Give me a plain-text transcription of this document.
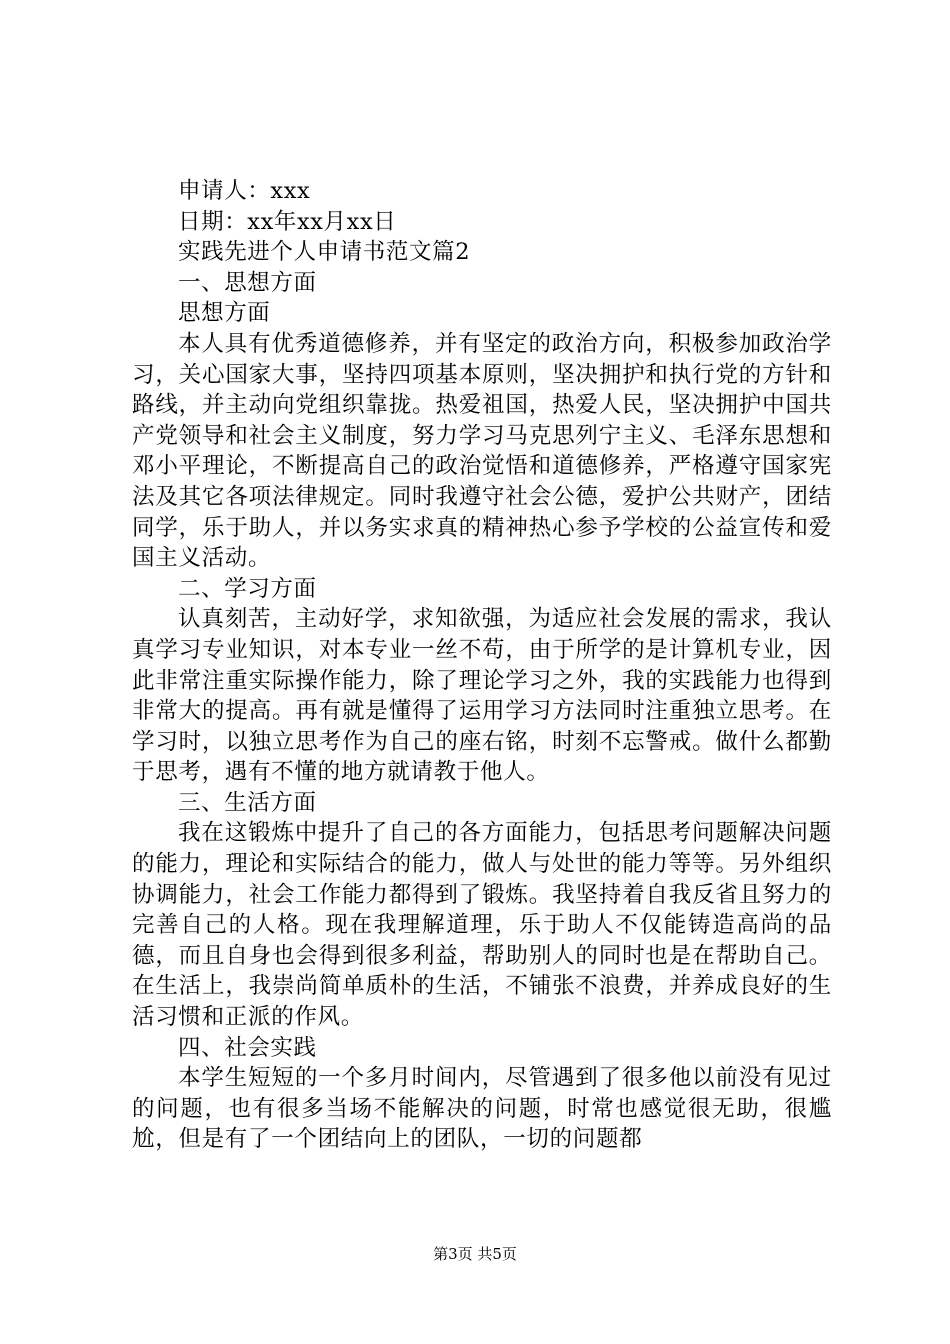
申请人：xxx
日期：xx年xx月xx日
实践先进个人申请书范文篇2
一、思想方面
思想方面
本人具有优秀道德修养，并有坚定的政治方向，积极参加政治学习，关心国家大事，坚持四项基本原则，坚决拥护和执行党的方针和路线，并主动向党组织靠拢。热爱祖国，热爱人民，坚决拥护中国共产党领导和社会主义制度，努力学习马克思列宁主义、毛泽东思想和邓小平理论，不断提高自己的政治觉悟和道德修养，严格遵守国家宪法及其它各项法律规定。同时我遵守社会公德，爱护公共财产，团结同学，乐于助人，并以务实求真的精神热心参予学校的公益宣传和爱国主义活动。
二、学习方面
认真刻苦，主动好学，求知欲强，为适应社会发展的需求，我认真学习专业知识，对本专业一丝不苟，由于所学的是计算机专业，因此非常注重实际操作能力，除了理论学习之外，我的实践能力也得到非常大的提高。再有就是懂得了运用学习方法同时注重独立思考。在学习时，以独立思考作为自己的座右铭，时刻不忘警戒。做什么都勤于思考，遇有不懂的地方就请教于他人。
三、生活方面
我在这锻炼中提升了自己的各方面能力，包括思考问题解决问题的能力，理论和实际结合的能力，做人与处世的能力等等。另外组织协调能力，社会工作能力都得到了锻炼。我坚持着自我反省且努力的完善自己的人格。现在我理解道理，乐于助人不仅能铸造高尚的品德，而且自身也会得到很多利益，帮助别人的同时也是在帮助自己。在生活上，我崇尚简单质朴的生活，不铺张不浪费，并养成良好的生活习惯和正派的作风。
四、社会实践
本学生短短的一个多月时间内，尽管遇到了很多他以前没有见过的问题，也有很多当场不能解决的问题，时常也感觉很无助，很尴尬，但是有了一个团结向上的团队，一切的问题都
第3页 共5页
